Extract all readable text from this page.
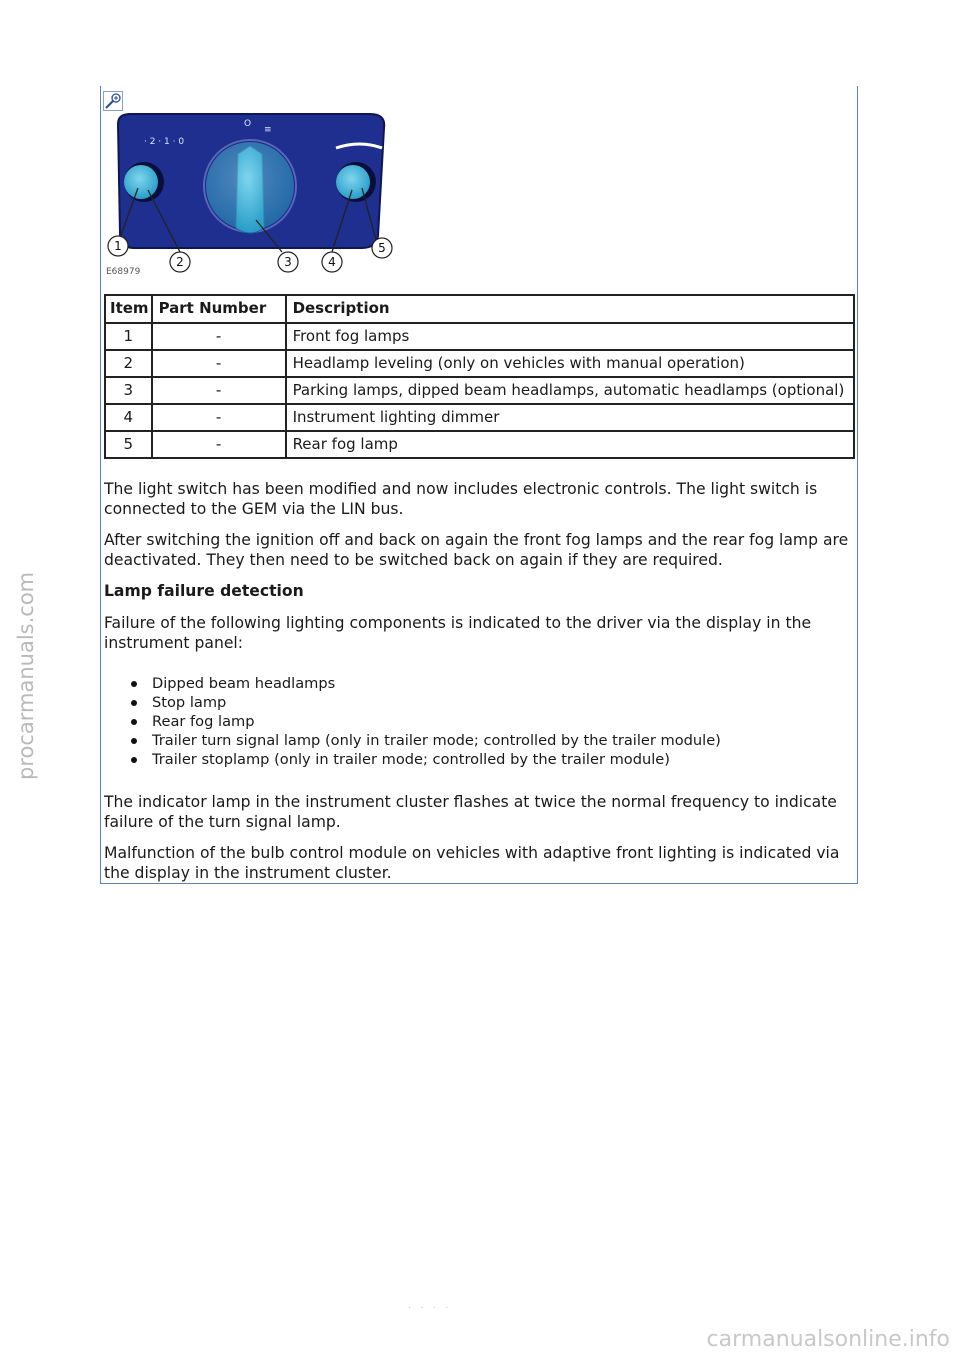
procarmanuals.com
carmanualsonline.info
· · · ·
· 2 · 1 · 0
O
≡
1
2	3	4
5
E68979
Item	Part Number	Description
1	-	Front fog lamps
2	-	Headlamp leveling (only on vehicles with manual operation)
3	-	Parking lamps, dipped beam headlamps, automatic headlamps (optional)
4	-	Instrument lighting dimmer
5	-	Rear fog lamp
The light switch has been modified and now includes electronic controls. The light switch is connected to the GEM via the LIN bus.
After switching the ignition off and back on again the front fog lamps and the rear fog lamp are deactivated. They then need to be switched back on again if they are required.
Lamp failure detection
Failure of the following lighting components is indicated to the driver via the display in the instrument panel:
Dipped beam headlamps
Stop lamp
Rear fog lamp
Trailer turn signal lamp (only in trailer mode; controlled by the trailer module)
Trailer stoplamp (only in trailer mode; controlled by the trailer module)
The indicator lamp in the instrument cluster flashes at twice the normal frequency to indicate failure of the turn signal lamp.
Malfunction of the bulb control module on vehicles with adaptive front lighting is indicated via the display in the instrument cluster.
